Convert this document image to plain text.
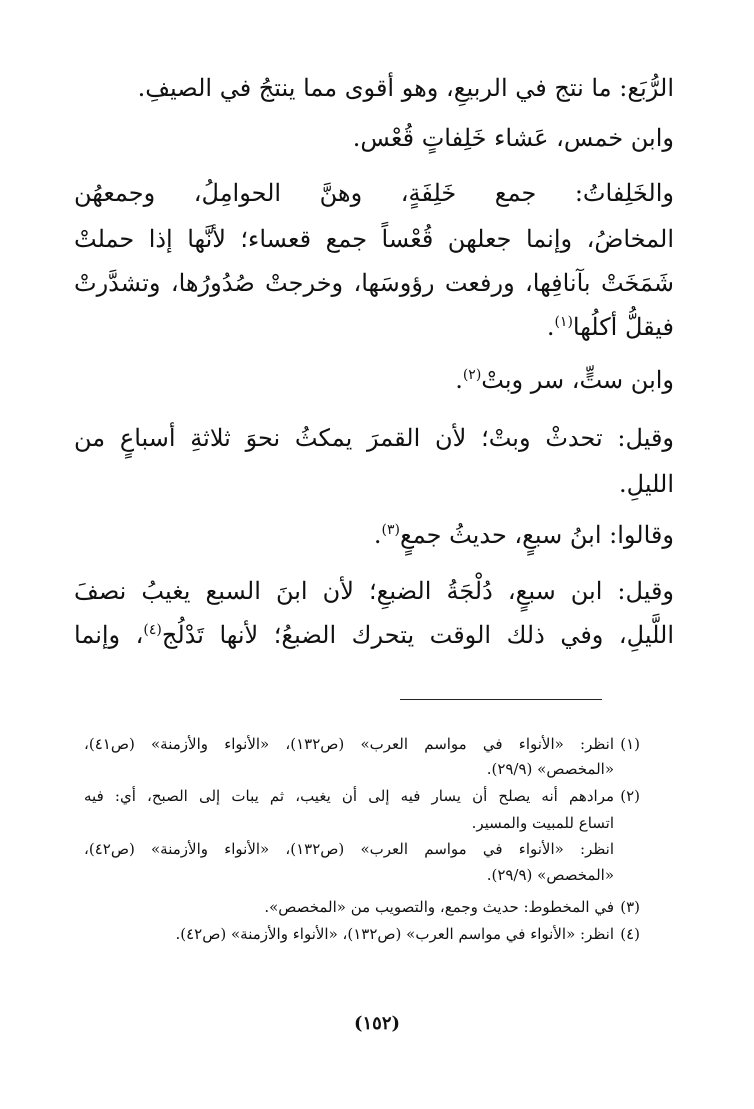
الرُّبَع: ما نتج في الربيعِ، وهو أقوى مما ينتجُ في الصيفِ.
وابن خمس، عَشاء خَلِفاتٍ قُعْس.
والخَلِفاتُ: جمع خَلِفَةٍ، وهنَّ الحوامِلُ، وجمعهُن
المخاضُ، وإنما جعلهن قُعْساً جمع قعساء؛ لأنَّها إذا حملتْ
شَمَخَتْ بآنافِها، ورفعت رؤوسَها، وخرجتْ صُدُورُها، وتشدَّرتْ
فيقلُّ أكلُها$^{(١)}$.
وابن ستٍّ، سر وبتْ$^{(٢)}$.
وقيل: تحدثْ وبتْ؛ لأن القمرَ يمكثُ نحوَ ثلاثةِ أسباعٍ من
الليلِ.
وقالوا: ابنُ سبعٍ، حديثُ جمعٍ$^{(٣)}$.
وقيل: ابن سبعٍ، دُلْجَةُ الضبعِ؛ لأن ابنَ السبع يغيبُ نصفَ
اللَّيلِ، وفي ذلك الوقت يتحرك الضبعُ؛ لأنها تَدْلُج$^{(٤)}$، وإنما
(١)
انظر: «الأنواء في مواسم العرب» (ص١٣٢)، «الأنواء والأزمنة» (ص٤١)،
«المخصص» (٢٩/٩).
(٢)
مرادهم أنه يصلح أن يسار فيه إلى أن يغيب، ثم يبات إلى الصبح، أي: فيه
اتساع للمبيت والمسير.
انظر: «الأنواء في مواسم العرب» (ص١٣٢)، «الأنواء والأزمنة» (ص٤٢)،
«المخصص» (٢٩/٩).
(٣)
في المخطوط: حديث وجمع، والتصويب من «المخصص».
(٤)
انظر: «الأنواء في مواسم العرب» (ص١٣٢)، «الأنواء والأزمنة» (ص٤٢).
(١٥٢)
